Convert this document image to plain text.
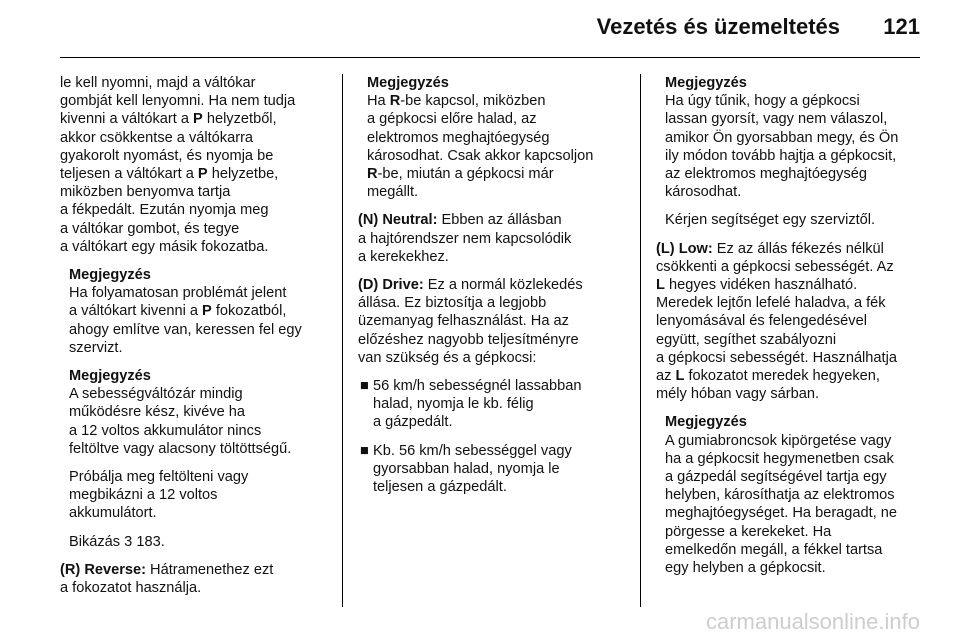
Vezetés és üzemeltetés 121
le kell nyomni, majd a váltókar
gombját kell lenyomni. Ha nem tudja
kivenni a váltókart a P helyzetből,
akkor csökkentse a váltókarra
gyakorolt nyomást, és nyomja be
teljesen a váltókart a P helyzetbe,
miközben benyomva tartja
a fékpedált. Ezután nyomja meg
a váltókar gombot, és tegye
a váltókart egy másik fokozatba.
Megjegyzés
Ha folyamatosan problémát jelent
a váltókart kivenni a P fokozatból,
ahogy említve van, keressen fel egy
szervizt.
Megjegyzés
A sebességváltózár mindig
működésre kész, kivéve ha
a 12 voltos akkumulátor nincs
feltöltve vagy alacsony töltöttségű.
Próbálja meg feltölteni vagy
megbikázni a 12 voltos
akkumulátort.
Bikázás 3 183.
(R) Reverse: Hátramenethez ezt
a fokozatot használja.
Megjegyzés
Ha R-be kapcsol, miközben
a gépkocsi előre halad, az
elektromos meghajtóegység
károsodhat. Csak akkor kapcsoljon
R-be, miután a gépkocsi már
megállt.
(N) Neutral: Ebben az állásban
a hajtórendszer nem kapcsolódik
a kerekekhez.
(D) Drive: Ez a normál közlekedés
állása. Ez biztosítja a legjobb
üzemanyag felhasználást. Ha az
előzéshez nagyobb teljesítményre
van szükség és a gépkocsi:
■ 56 km/h sebességnél lassabban
halad, nyomja le kb. félig
a gázpedált.
■ Kb. 56 km/h sebességgel vagy
gyorsabban halad, nyomja le
teljesen a gázpedált.
Megjegyzés
Ha úgy tűnik, hogy a gépkocsi
lassan gyorsít, vagy nem válaszol,
amikor Ön gyorsabban megy, és Ön
ily módon tovább hajtja a gépkocsit,
az elektromos meghajtóegység
károsodhat.
Kérjen segítséget egy szerviztől.
(L) Low: Ez az állás fékezés nélkül
csökkenti a gépkocsi sebességét. Az
L hegyes vidéken használható.
Meredek lejtőn lefelé haladva, a fék
lenyomásával és felengedésével
együtt, segíthet szabályozni
a gépkocsi sebességét. Használhatja
az L fokozatot meredek hegyeken,
mély hóban vagy sárban.
Megjegyzés
A gumiabroncsok kipörgetése vagy
ha a gépkocsit hegymenetben csak
a gázpedál segítségével tartja egy
helyben, károsíthatja az elektromos
meghajtóegységet. Ha beragadt, ne
pörgesse a kerekeket. Ha
emelkedőn megáll, a fékkel tartsa
egy helyben a gépkocsit.
carmanualsonline.info
